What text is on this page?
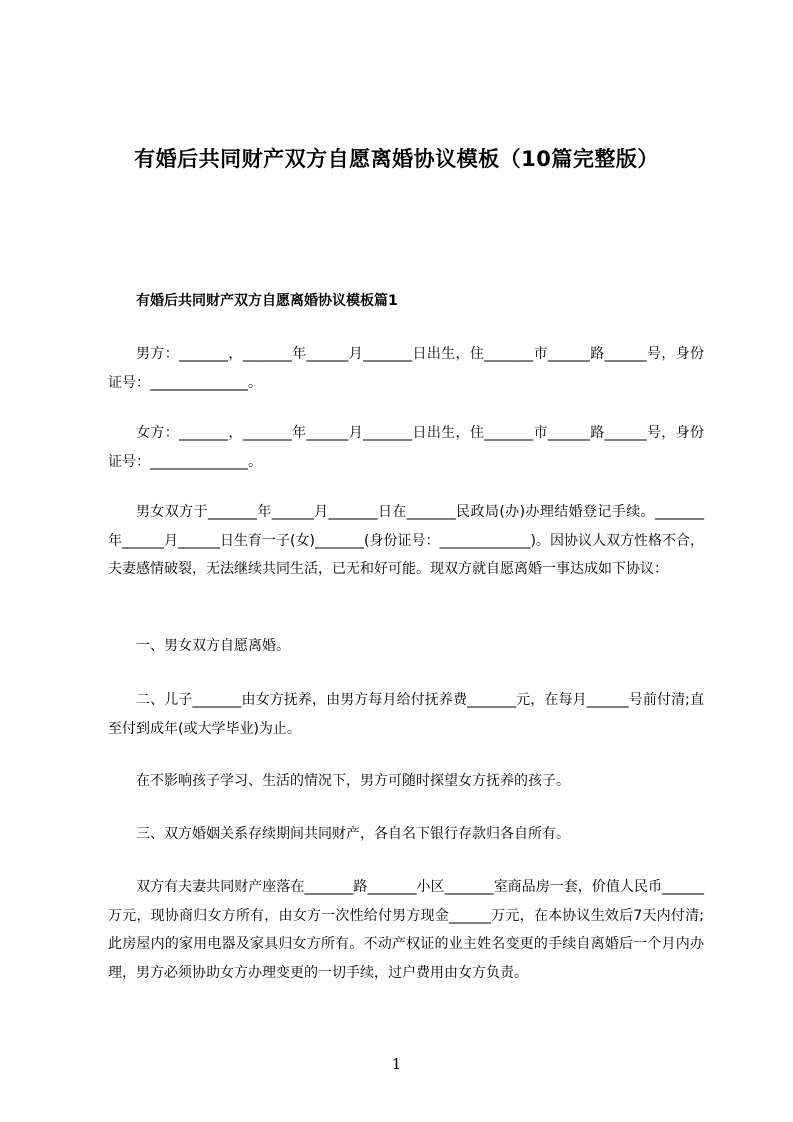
有婚后共同财产双方自愿离婚协议模板（10篇完整版）
有婚后共同财产双方自愿离婚协议模板篇1

男方：_______，_______年______月_______日出生，住_______市______路______号，身份证号：______________。

女方：_______，_______年______月_______日出生，住_______市______路______号，身份证号：______________。

男女双方于_______年______月_______日在_______民政局(办)办理结婚登记手续。_______年______月______日生育一子(女)_______(身份证号：_____________)。因协议人双方性格不合，夫妻感情破裂，无法继续共同生活，已无和好可能。现双方就自愿离婚一事达成如下协议：

一、男女双方自愿离婚。

二、儿子_______由女方抚养，由男方每月给付抚养费_______元，在每月______号前付清;直至付到成年(或大学毕业)为止。

在不影响孩子学习、生活的情况下，男方可随时探望女方抚养的孩子。

三、双方婚姻关系存续期间共同财产，各自名下银行存款归各自所有。

双方有夫妻共同财产座落在_______路_______小区_______室商品房一套，价值人民币______万元，现协商归女方所有，由女方一次性给付男方现金______万元，在本协议生效后7天内付清;此房屋内的家用电器及家具归女方所有。不动产权证的业主姓名变更的手续自离婚后一个月内办理，男方必须协助女方办理变更的一切手续，过户费用由女方负责。

1
